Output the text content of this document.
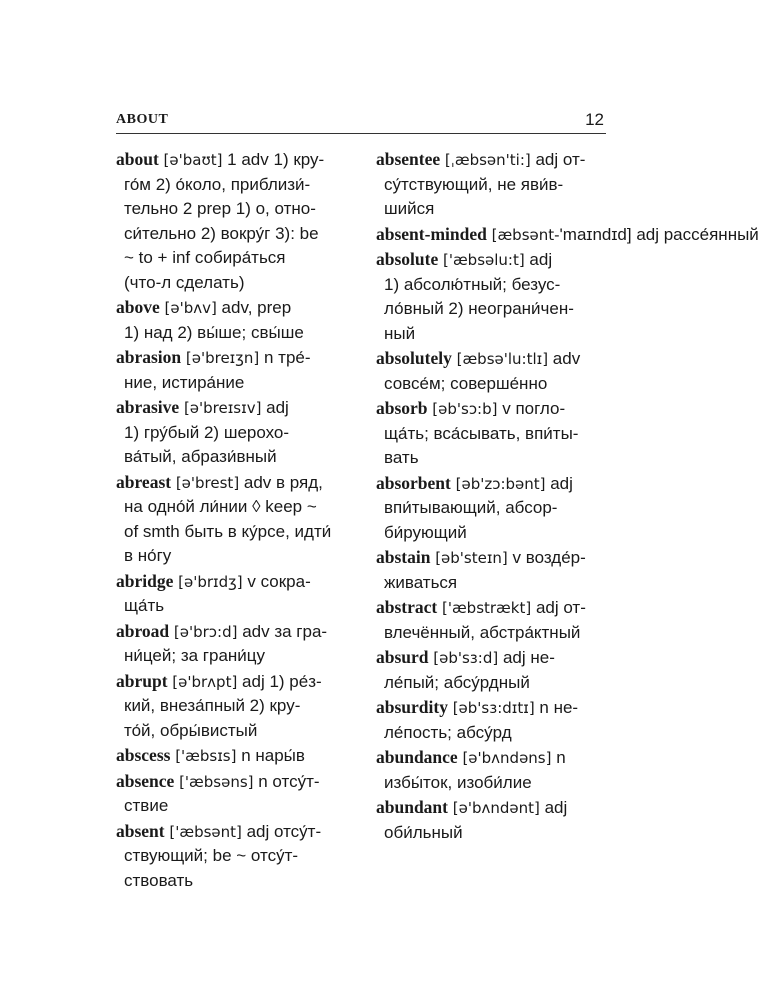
ABOUT	12
about [ə'baʊt] 1 adv 1) кру-
го́м 2) о́коло, приблизи́-
тельно 2 prep 1) о, отно-
си́тельно 2) вокру́г 3): be
~ to + inf собира́ться
(что-л сделать)
above [ə'bʌv] adv, prep
1) над 2) вы́ше; свы́ше
abrasion [ə'breɪʒn] n тре́-
ние, истира́ние
abrasive [ə'breɪsɪv] adj
1) гру́бый 2) шерохо-
ва́тый, абрази́вный
abreast [ə'brest] adv в ряд,
на одно́й ли́нии ◊ keep ~
of smth быть в ку́рсе, идти́
в но́гу
abridge [ə'brɪdʒ] v сокра-
ща́ть
abroad [ə'brɔ:d] adv за гра-
ни́цей; за грани́цу
abrupt [ə'brʌpt] adj 1) ре́з-
кий, внеза́пный 2) кру-
то́й, обры́вистый
abscess ['æbsɪs] n нары́в
absence ['æbsəns] n отсу́т-
ствие
absent ['æbsənt] adj отсу́т-
ствующий; be ~ отсу́т-
ствовать
absentee [ˌæbsən'ti:] adj от-
су́тствующий, не яви́в-
шийся
absent-minded [æbsənt-'maɪndɪd] adj рассе́янный
absolute ['æbsəlu:t] adj
1) абсолю́тный; безус-
ло́вный 2) неограни́чен-
ный
absolutely [æbsə'lu:tlɪ] adv
совсе́м; соверше́нно
absorb [əb'sɔ:b] v погло-
ща́ть; вса́сывать, впи́ты-
вать
absorbent [əb'zɔ:bənt] adj
впи́тывающий, абсор-
би́рующий
abstain [əb'steɪn] v возде́р-
живаться
abstract ['æbstrækt] adj от-
влечённый, абстра́ктный
absurd [əb'sɜ:d] adj не-
ле́пый; абсу́рдный
absurdity [əb'sɜ:dɪtɪ] n не-
ле́пость; абсу́рд
abundance [ə'bʌndəns] n
избы́ток, изоби́лие
abundant [ə'bʌndənt] adj
оби́льный
